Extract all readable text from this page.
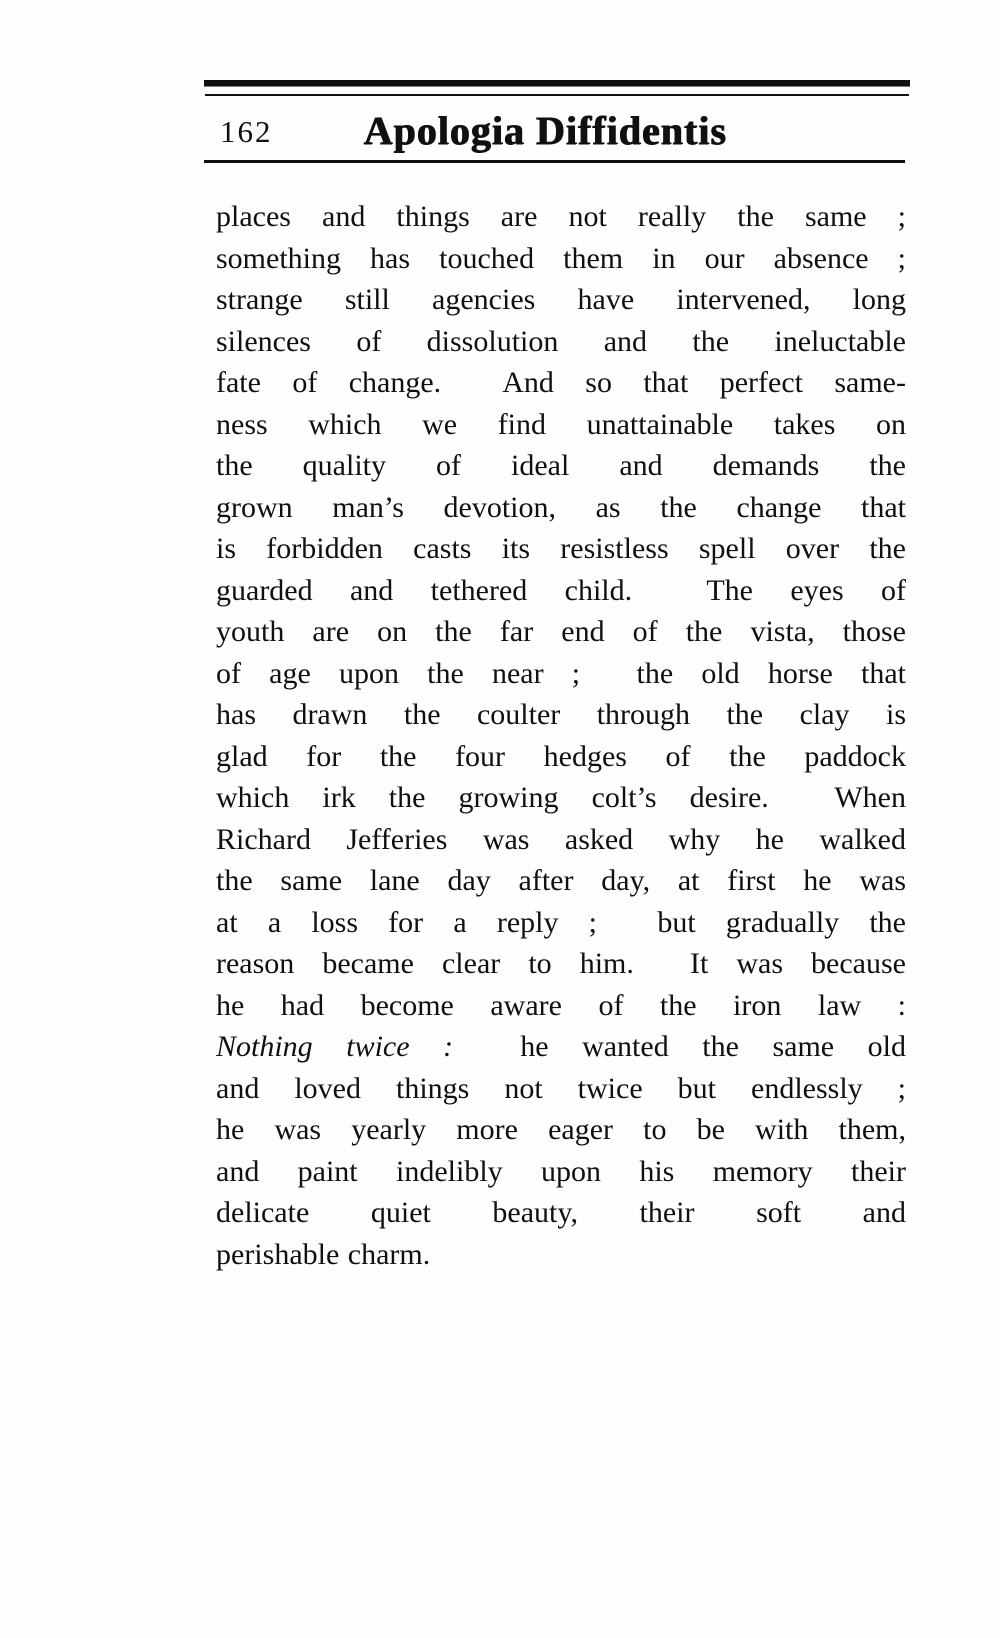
162	Apologia Diffidentis
places and things are not really the same ;
something has touched them in our absence ;
strange still agencies have intervened, long
silences of dissolution and the ineluctable
fate of change.  And so that perfect same-
ness which we find unattainable takes on
the quality of ideal and demands the
grown man’s devotion, as the change that
is forbidden casts its resistless spell over the
guarded and tethered child.  The eyes of
youth are on the far end of the vista, those
of age upon the near ;  the old horse that
has drawn the coulter through the clay is
glad for the four hedges of the paddock
which irk the growing colt’s desire.  When
Richard Jefferies was asked why he walked
the same lane day after day, at first he was
at a loss for a reply ;  but gradually the
reason became clear to him.  It was because
he had become aware of the iron law :
Nothing twice :  he wanted the same old
and loved things not twice but endlessly ;
he was yearly more eager to be with them,
and paint indelibly upon his memory their
delicate quiet beauty, their soft and
perishable charm.
